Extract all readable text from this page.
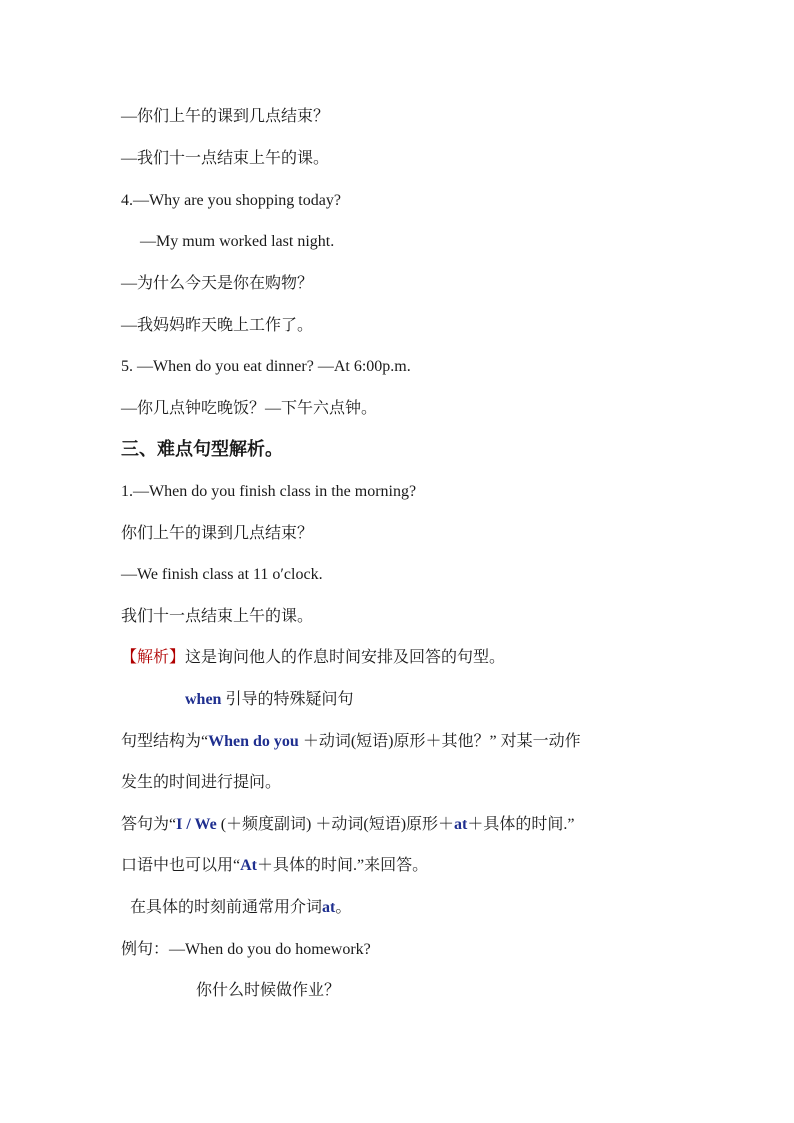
—你们上午的课到几点结束？
—我们十一点结束上午的课。
4.—Why are you shopping today?
—My mum worked last night.
—为什么今天是你在购物？
—我妈妈昨天晚上工作了。
5. —When do you eat dinner? —At 6:00p.m.
—你几点钟吃晚饭？—下午六点钟。
三、难点句型解析。
1.—When do you finish class in the morning?
你们上午的课到几点结束？
—We finish class at 11 o′clock.
我们十一点结束上午的课。
【解析】这是询问他人的作息时间安排及回答的句型。
when 引导的特殊疑问句
句型结构为“When do you ＋动词(短语)原形＋其他？” 对某一动作
发生的时间进行提问。
答句为“I / We (＋频度副词) ＋动词(短语)原形＋at＋具体的时间.”
口语中也可以用“At＋具体的时间.”来回答。
在具体的时刻前通常用介词at。
例句：—When do you do homework?
你什么时候做作业？
